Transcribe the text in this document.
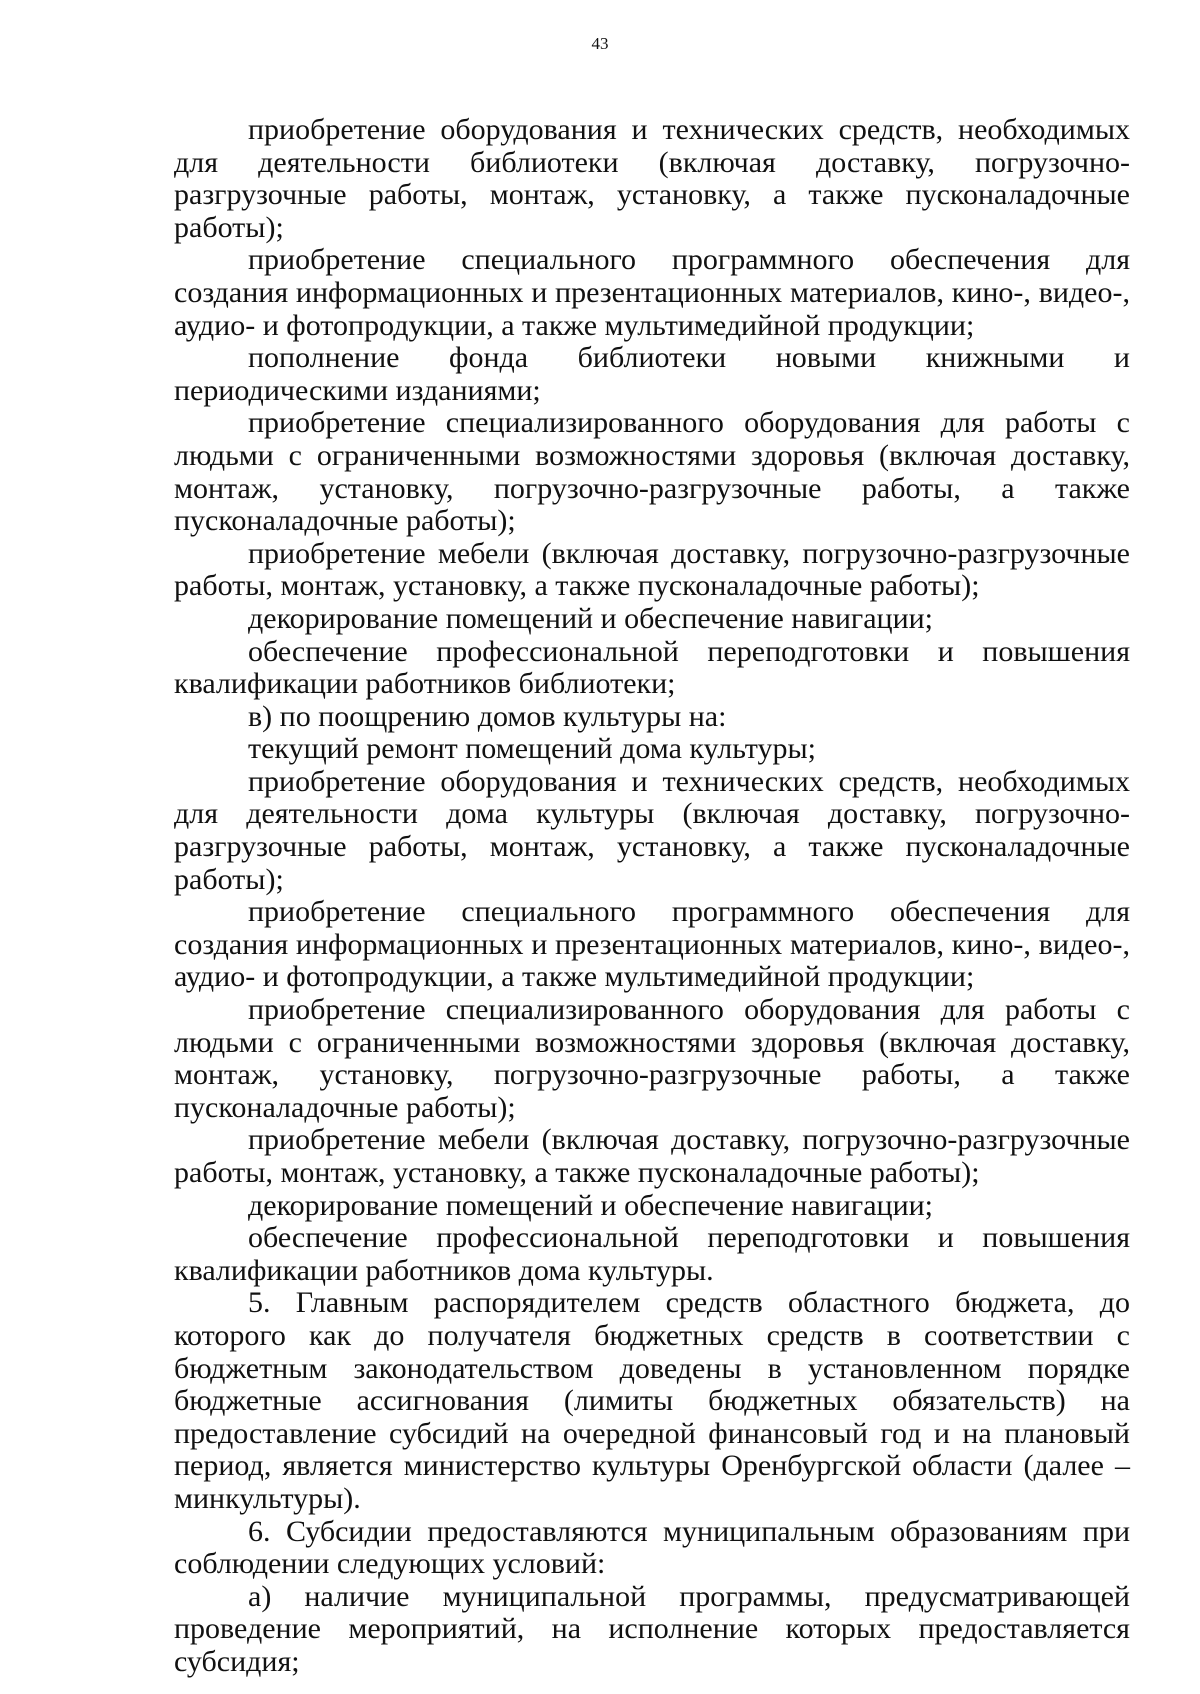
43

приобретение оборудования и технических средств, необходимых для деятельности библиотеки (включая доставку, погрузочно-разгрузочные работы, монтаж, установку, а также пусконаладочные работы);

приобретение специального программного обеспечения для создания информационных и презентационных материалов, кино-, видео-, аудио- и фотопродукции, а также мультимедийной продукции;

пополнение фонда библиотеки новыми книжными и периодическими изданиями;

приобретение специализированного оборудования для работы с людьми с ограниченными возможностями здоровья (включая доставку, монтаж, установку, погрузочно-разгрузочные работы, а также пусконаладочные работы);

приобретение мебели (включая доставку, погрузочно-разгрузочные работы, монтаж, установку, а также пусконаладочные работы);

декорирование помещений и обеспечение навигации;

обеспечение профессиональной переподготовки и повышения квалификации работников библиотеки;

в) по поощрению домов культуры на:

текущий ремонт помещений дома культуры;

приобретение оборудования и технических средств, необходимых для деятельности дома культуры (включая доставку, погрузочно-разгрузочные работы, монтаж, установку, а также пусконаладочные работы);

приобретение специального программного обеспечения для создания информационных и презентационных материалов, кино-, видео-, аудио- и фотопродукции, а также мультимедийной продукции;

приобретение специализированного оборудования для работы с людьми с ограниченными возможностями здоровья (включая доставку, монтаж, установку, погрузочно-разгрузочные работы, а также пусконаладочные работы);

приобретение мебели (включая доставку, погрузочно-разгрузочные работы, монтаж, установку, а также пусконаладочные работы);

декорирование помещений и обеспечение навигации;

обеспечение профессиональной переподготовки и повышения квалификации работников дома культуры.

5. Главным распорядителем средств областного бюджета, до которого как до получателя бюджетных средств в соответствии с бюджетным законодательством доведены в установленном порядке бюджетные ассигнования (лимиты бюджетных обязательств) на предоставление субсидий на очередной финансовый год и на плановый период, является министерство культуры Оренбургской области (далее – минкультуры).

6. Субсидии предоставляются муниципальным образованиям при соблюдении следующих условий:

а) наличие муниципальной программы, предусматривающей проведение мероприятий, на исполнение которых предоставляется субсидия;
